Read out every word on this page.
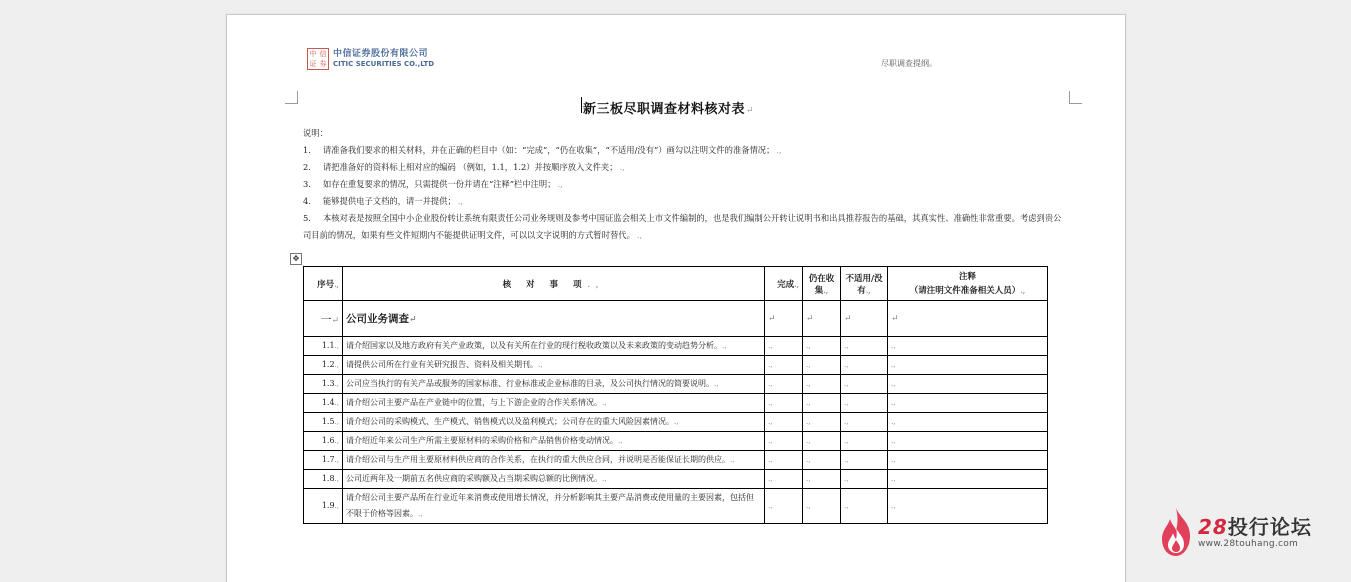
中 信
证 券
中信证券股份有限公司
CITIC SECURITIES CO.,LTD	尽职调查提纲。
新三板尽职调查材料核对表↵
说明：
1. 请准备我们要求的相关材料，并在正确的栏目中（如：“完成”，“仍在收集”，“不适用/没有”）画勾以注明文件的准备情况； .,
2. 请把准备好的资料标上相对应的编码 （例如，1.1，1.2）并按顺序放入文件夹； .,
3. 如存在重复要求的情况，只需提供一份并请在“注释”栏中注明； .,
4. 能够提供电子文档的，请一并提供； .,
5. 本核对表是按照全国中小企业股份转让系统有限责任公司业务规则及参考中国证监会相关上市文件编制的，也是我们编制公开转让说明书和出具推荐报告的基础，其真实性、准确性非常重要。考虑到贵公司目前的情况，如果有些文件短期内不能提供证明文件，可以以文字说明的方式暂时替代。 .,
✥
序号.,	核 对 事 项.,	完成.,	仍在收集.,	不适用/没有.,	注释
（请注明文件准备相关人员）.,

一↵	公司业务调查↵	↵	↵	↵	↵
1.1.,	请介绍国家以及地方政府有关产业政策，以及有关所在行业的现行税收政策以及未来政策的变动趋势分析。.,	.,	.,	.,	.,
1.2.,	请提供公司所在行业有关研究报告、资料及相关期刊。.,	.,	.,	.,	.,
1.3.,	公司应当执行的有关产品或服务的国家标准、行业标准或企业标准的目录，及公司执行情况的简要说明。.,	.,	.,	.,	.,
1.4.,	请介绍公司主要产品在产业链中的位置，与上下游企业的合作关系情况。.,	.,	.,	.,	.,
1.5.,	请介绍公司的采购模式、生产模式、销售模式以及盈利模式；公司存在的重大风险因素情况。.,	.,	.,	.,	.,
1.6.,	请介绍近年来公司生产所需主要原材料的采购价格和产品销售价格变动情况。.,	.,	.,	.,	.,
1.7.,	请介绍公司与生产用主要原材料供应商的合作关系，在执行的重大供应合同，并说明是否能保证长期的供应。.,	.,	.,	.,	.,
1.8.,	公司近两年及一期前五名供应商的采购额及占当期采购总额的比例情况。.,	.,	.,	.,	.,
1.9.,	请介绍公司主要产品所在行业近年来消费或使用增长情况，并分析影响其主要产品消费或使用量的主要因素，包括但不限于价格等因素。.,	.,	.,	.,	.,
28投行论坛
www.28touhang.com
